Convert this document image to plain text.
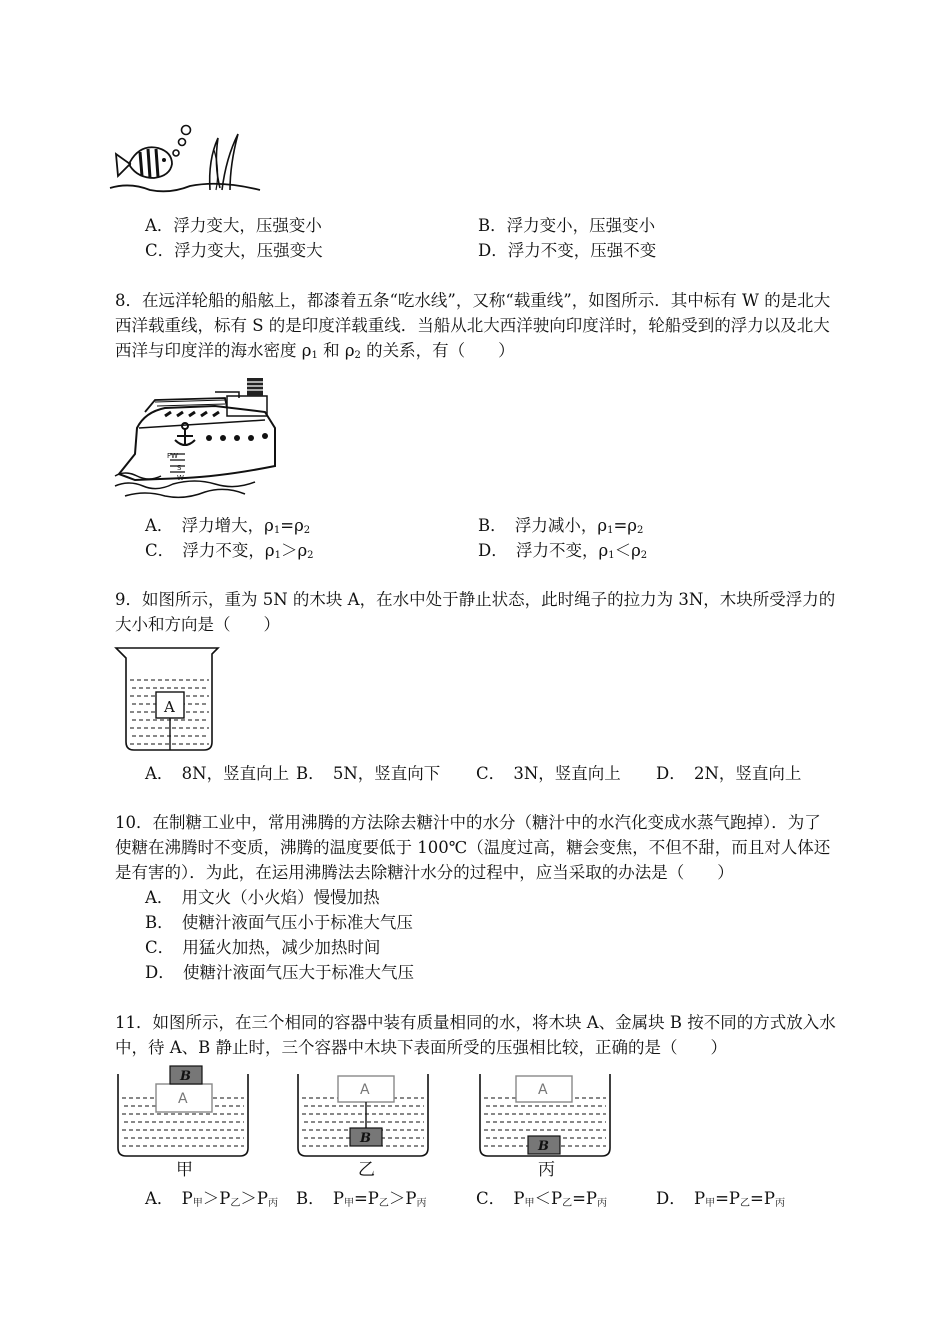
A．浮力变大，压强变小	B．浮力变小，压强变小
C．浮力变大，压强变大	D．浮力不变，压强不变
8．在远洋轮船的船舷上，都漆着五条“吃水线”，又称“载重线”，如图所示．其中标有 W 的是北大
西洋载重线，标有 S 的是印度洋载重线．当船从北大西洋驶向印度洋时，轮船受到的浮力以及北大
西洋与印度洋的海水密度 $\rho_1$ 和 $\rho_2$ 的关系，有（　　）
FW
S
W
A．　浮力增大，$\rho_1=\rho_2$	B．　浮力减小，$\rho_1=\rho_2$
C．　浮力不变，$\rho_1>\rho_2$	D．　浮力不变，$\rho_1<\rho_2$
9．如图所示，重为 5N 的木块 A，在水中处于静止状态，此时绳子的拉力为 3N，木块所受浮力的
大小和方向是（　　）
A
A．　8N，竖直向上 B．　5N，竖直向下 C．　3N，竖直向上 D．　2N，竖直向上
10．在制糖工业中，常用沸腾的方法除去糖汁中的水分（糖汁中的水汽化变成水蒸气跑掉）．为了
使糖在沸腾时不变质，沸腾的温度要低于 100℃（温度过高，糖会变焦，不但不甜，而且对人体还
是有害的）．为此，在运用沸腾法去除糖汁水分的过程中，应当采取的办法是（　　）
A．　用文火（小火焰）慢慢加热
B．　使糖汁液面气压小于标准大气压
C．　用猛火加热，减少加热时间
D．　使糖汁液面气压大于标准大气压
11．如图所示，在三个相同的容器中装有质量相同的水，将木块 A、金属块 B 按不同的方式放入水
中，待 A、B 静止时，三个容器中木块下表面所受的压强相比较，正确的是（　　）
A
B
甲
A
B
乙
A
B
丙
A．　$P_甲>P_乙>P_丙$ B．　$P_甲=P_乙>P_丙$	C．　$P_甲<P_乙=P_丙$	D．　$P_甲=P_乙=P_丙$
